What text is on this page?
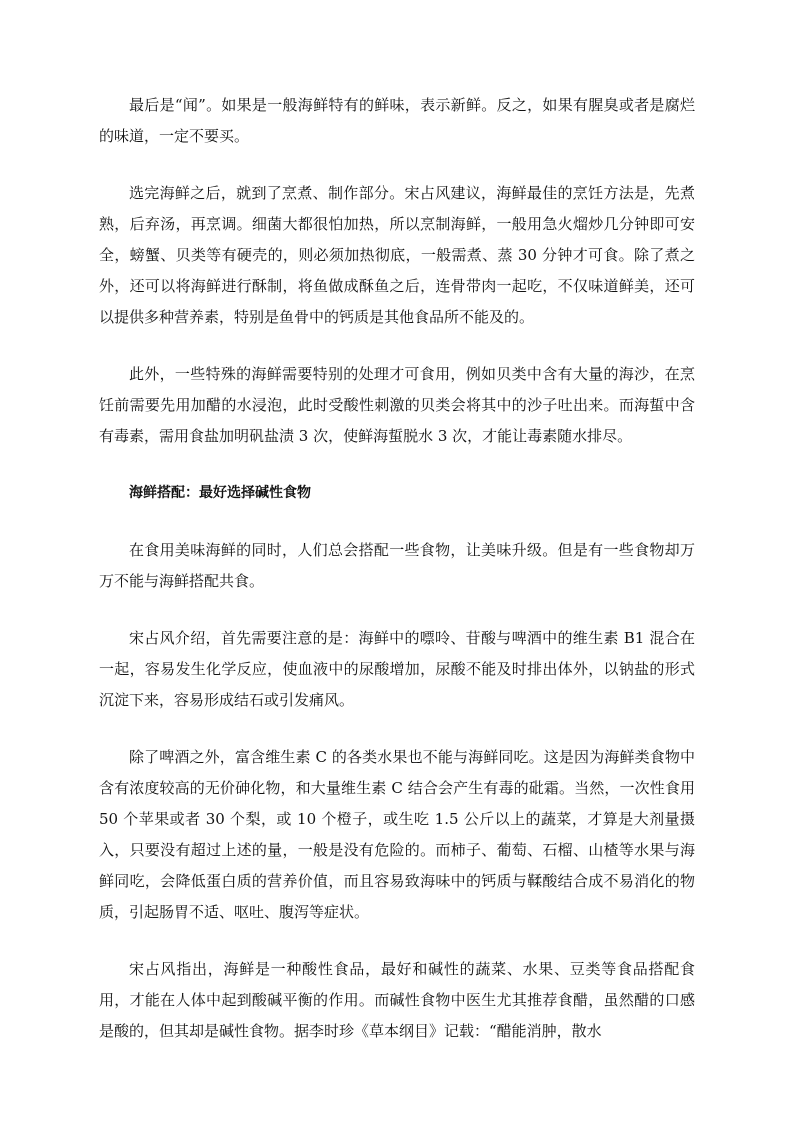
最后是“闻”。如果是一般海鲜特有的鲜味，表示新鲜。反之，如果有腥臭或者是腐烂的味道，一定不要买。

选完海鲜之后，就到了烹煮、制作部分。宋占风建议，海鲜最佳的烹饪方法是，先煮熟，后弃汤，再烹调。细菌大都很怕加热，所以烹制海鲜，一般用急火熘炒几分钟即可安全，螃蟹、贝类等有硬壳的，则必须加热彻底，一般需煮、蒸 30 分钟才可食。除了煮之外，还可以将海鲜进行酥制，将鱼做成酥鱼之后，连骨带肉一起吃，不仅味道鲜美，还可以提供多种营养素，特别是鱼骨中的钙质是其他食品所不能及的。

此外，一些特殊的海鲜需要特别的处理才可食用，例如贝类中含有大量的海沙，在烹饪前需要先用加醋的水浸泡，此时受酸性刺激的贝类会将其中的沙子吐出来。而海蜇中含有毒素，需用食盐加明矾盐渍 3 次，使鲜海蜇脱水 3 次，才能让毒素随水排尽。

海鲜搭配：最好选择碱性食物

在食用美味海鲜的同时，人们总会搭配一些食物，让美味升级。但是有一些食物却万万不能与海鲜搭配共食。

宋占风介绍，首先需要注意的是：海鲜中的嘌呤、苷酸与啤酒中的维生素 B1 混合在一起，容易发生化学反应，使血液中的尿酸增加，尿酸不能及时排出体外，以钠盐的形式沉淀下来，容易形成结石或引发痛风。

除了啤酒之外，富含维生素 C 的各类水果也不能与海鲜同吃。这是因为海鲜类食物中含有浓度较高的无价砷化物，和大量维生素 C 结合会产生有毒的砒霜。当然，一次性食用 50 个苹果或者 30 个梨，或 10 个橙子，或生吃 1.5 公斤以上的蔬菜，才算是大剂量摄入，只要没有超过上述的量，一般是没有危险的。而柿子、葡萄、石榴、山楂等水果与海鲜同吃，会降低蛋白质的营养价值，而且容易致海味中的钙质与鞣酸结合成不易消化的物质，引起肠胃不适、呕吐、腹泻等症状。

宋占风指出，海鲜是一种酸性食品，最好和碱性的蔬菜、水果、豆类等食品搭配食用，才能在人体中起到酸碱平衡的作用。而碱性食物中医生尤其推荐食醋，虽然醋的口感是酸的，但其却是碱性食物。据李时珍《草本纲目》记载：“醋能消肿，散水
